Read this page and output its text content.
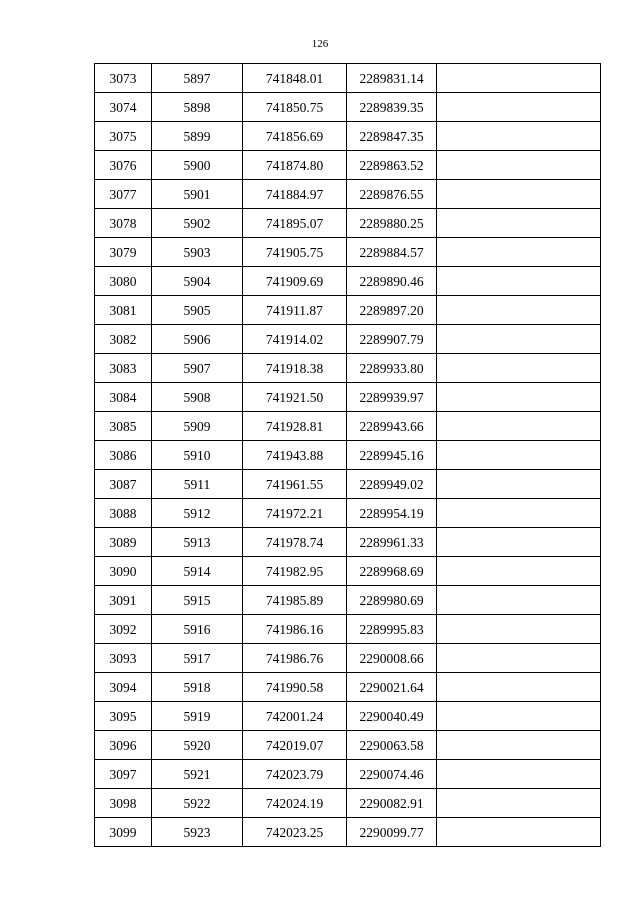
126
3073	5897	741848.01	2289831.14	
3074	5898	741850.75	2289839.35	
3075	5899	741856.69	2289847.35	
3076	5900	741874.80	2289863.52	
3077	5901	741884.97	2289876.55	
3078	5902	741895.07	2289880.25	
3079	5903	741905.75	2289884.57	
3080	5904	741909.69	2289890.46	
3081	5905	741911.87	2289897.20	
3082	5906	741914.02	2289907.79	
3083	5907	741918.38	2289933.80	
3084	5908	741921.50	2289939.97	
3085	5909	741928.81	2289943.66	
3086	5910	741943.88	2289945.16	
3087	5911	741961.55	2289949.02	
3088	5912	741972.21	2289954.19	
3089	5913	741978.74	2289961.33	
3090	5914	741982.95	2289968.69	
3091	5915	741985.89	2289980.69	
3092	5916	741986.16	2289995.83	
3093	5917	741986.76	2290008.66	
3094	5918	741990.58	2290021.64	
3095	5919	742001.24	2290040.49	
3096	5920	742019.07	2290063.58	
3097	5921	742023.79	2290074.46	
3098	5922	742024.19	2290082.91	
3099	5923	742023.25	2290099.77	
